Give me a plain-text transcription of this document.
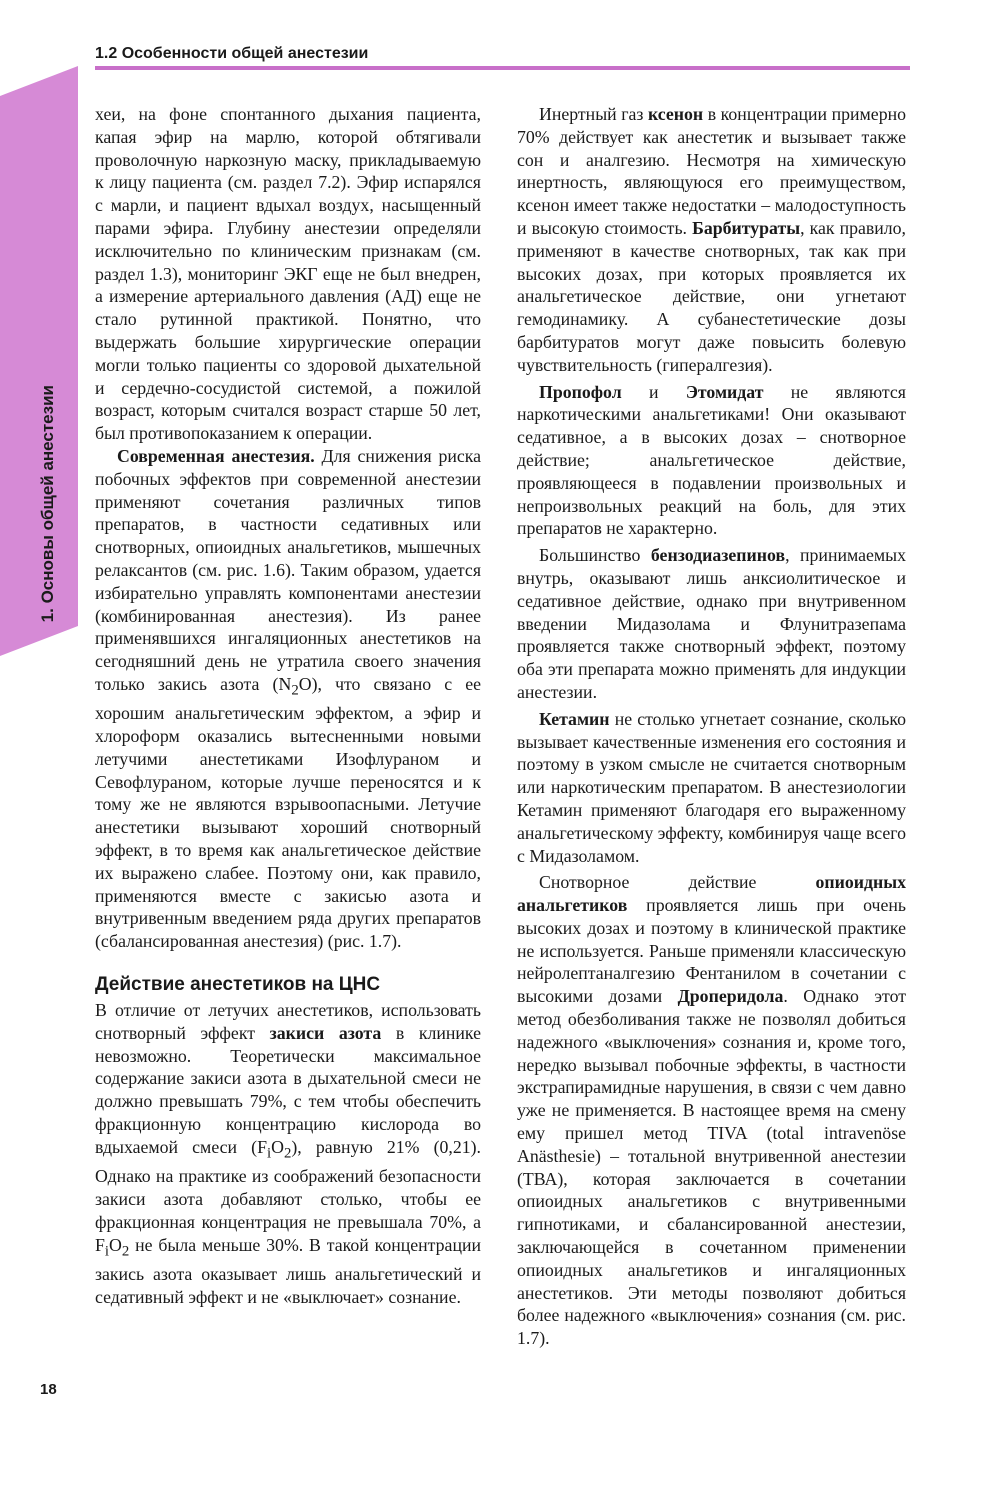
1.2 Особенности общей анестезии
1. Основы общей анестезии

хеи, на фоне спонтанного дыхания пациента, капая эфир на марлю, которой обтягивали проволочную наркозную маску, прикладываемую к лицу пациента (см. раздел 7.2). Эфир испарялся с марли, и пациент вдыхал воздух, насыщенный парами эфира. Глубину анестезии определяли исключительно по клиническим признакам (см. раздел 1.3), мониторинг ЭКГ еще не был внедрен, а измерение артериального давления (АД) еще не стало рутинной практикой. Понятно, что выдержать большие хирургические операции могли только пациенты со здоровой дыхательной и сердечно-сосудистой системой, а пожилой возраст, которым считался возраст старше 50 лет, был противопоказанием к операции.

Современная анестезия. Для снижения риска побочных эффектов при современной анестезии применяют сочетания различных типов препаратов, в частности седативных или снотворных, опиоидных анальгетиков, мышечных релаксантов (см. рис. 1.6). Таким образом, удается избирательно управлять компонентами анестезии (комбинированная анестезия). Из ранее применявшихся ингаляционных анестетиков на сегодняшний день не утратила своего значения только закись азота $(N_2O)$, что связано с ее хорошим анальгетическим эффектом, а эфир и хлороформ оказались вытесненными новыми летучими анестетиками Изофлураном и Севофлураном, которые лучше переносятся и к тому же не являются взрывоопасными. Летучие анестетики вызывают хороший снотворный эффект, в то время как анальгетическое действие их выражено слабее. Поэтому они, как правило, применяются вместе с закисью азота и внутривенным введением ряда других препаратов (сбалансированная анестезия) (рис. 1.7).

Действие анестетиков на ЦНС

В отличие от летучих анестетиков, использовать снотворный эффект закиси азота в клинике невозможно. Теоретически максимальное содержание закиси азота в дыхательной смеси не должно превышать 79%, с тем чтобы обеспечить фракционную концентрацию кислорода во вдыхаемой смеси $(F_iO_2)$, равную 21% (0,21). Однако на практике из соображений безопасности закиси азота добавляют столько, чтобы ее фракционная концентрация не превышала 70%, а $F_iO_2$ не была меньше 30%. В такой концентрации закись азота оказывает лишь анальгетический и седативный эффект и не «выключает» сознание.

Инертный газ ксенон в концентрации примерно 70% действует как анестетик и вызывает также сон и аналгезию. Несмотря на химическую инертность, являющуюся его преимуществом, ксенон имеет также недостатки – малодоступность и высокую стоимость. Барбитураты, как правило, применяют в качестве снотворных, так как при высоких дозах, при которых проявляется их анальгетическое действие, они угнетают гемодинамику. А субанестетические дозы барбитуратов могут даже повысить болевую чувствительность (гипералгезия).

Пропофол и Этомидат не являются наркотическими анальгетиками! Они оказывают седативное, а в высоких дозах – снотворное действие; анальгетическое действие, проявляющееся в подавлении произвольных и непроизвольных реакций на боль, для этих препаратов не характерно.

Большинство бензодиазепинов, принимаемых внутрь, оказывают лишь анксиолитическое и седативное действие, однако при внутривенном введении Мидазолама и Флунитразепама проявляется также снотворный эффект, поэтому оба эти препарата можно применять для индукции анестезии.

Кетамин не столько угнетает сознание, сколько вызывает качественные изменения его состояния и поэтому в узком смысле не считается снотворным или наркотическим препаратом. В анестезиологии Кетамин применяют благодаря его выраженному анальгетическому эффекту, комбинируя чаще всего с Мидазоламом.

Снотворное действие опиоидных анальгетиков проявляется лишь при очень высоких дозах и поэтому в клинической практике не используется. Раньше применяли классическую нейролептаналгезию Фентанилом в сочетании с высокими дозами Дроперидола. Однако этот метод обезболивания также не позволял добиться надежного «выключения» сознания и, кроме того, нередко вызывал побочные эффекты, в частности экстрапирамидные нарушения, в связи с чем давно уже не применяется. В настоящее время на смену ему пришел метод TIVA (total intravenöse Anästhesie) – тотальной внутривенной анестезии (ТВА), которая заключается в сочетании опиоидных анальгетиков с внутривенными гипнотиками, и сбалансированной анестезии, заключающейся в сочетанном применении опиоидных анальгетиков и ингаляционных анестетиков. Эти методы позволяют добиться более надежного «выключения» сознания (см. рис. 1.7).

18
